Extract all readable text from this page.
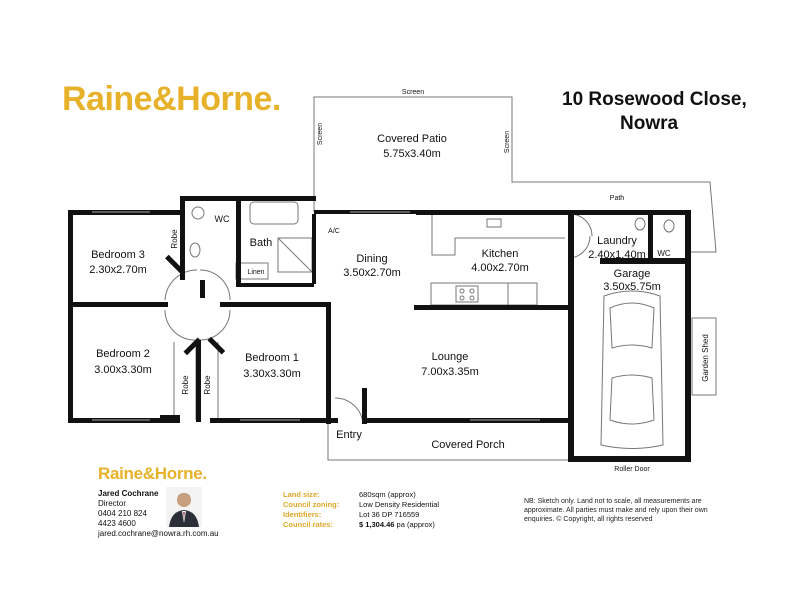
Raine&Horne.	10 Rosewood Close,
Nowra
Covered Patio
5.75x3.40m
Bedroom 3
2.30x2.70m
Bedroom 2
3.00x3.30m
Bedroom 1
3.30x3.30m
Dining
3.50x2.70m
Kitchen
4.00x2.70m
Laundry
2.40x1.40m
Garage
3.50x5.75m
Lounge
7.00x3.35m
Entry
Covered Porch
Bath
WC
Screen
Path
A/C
Linen
WC
Roller Door
Screen	Screen
Robe
Robe Robe
Garden Shed
Raine&Horne.
Jared Cochrane
Director
0404 210 824
4423 4600
jared.cochrane@nowra.rh.com.au
Land size:	680sqm (approx)
Council zoning:	Low Density Residential
Identifiers:	Lot 36 DP 716559
Council rates:	$ 1,304.46 pa (approx)
NB: Sketch only. Land not to scale, all measurements are approximate. All parties must make and rely upon their own enquiries. © Copyright, all rights reserved
